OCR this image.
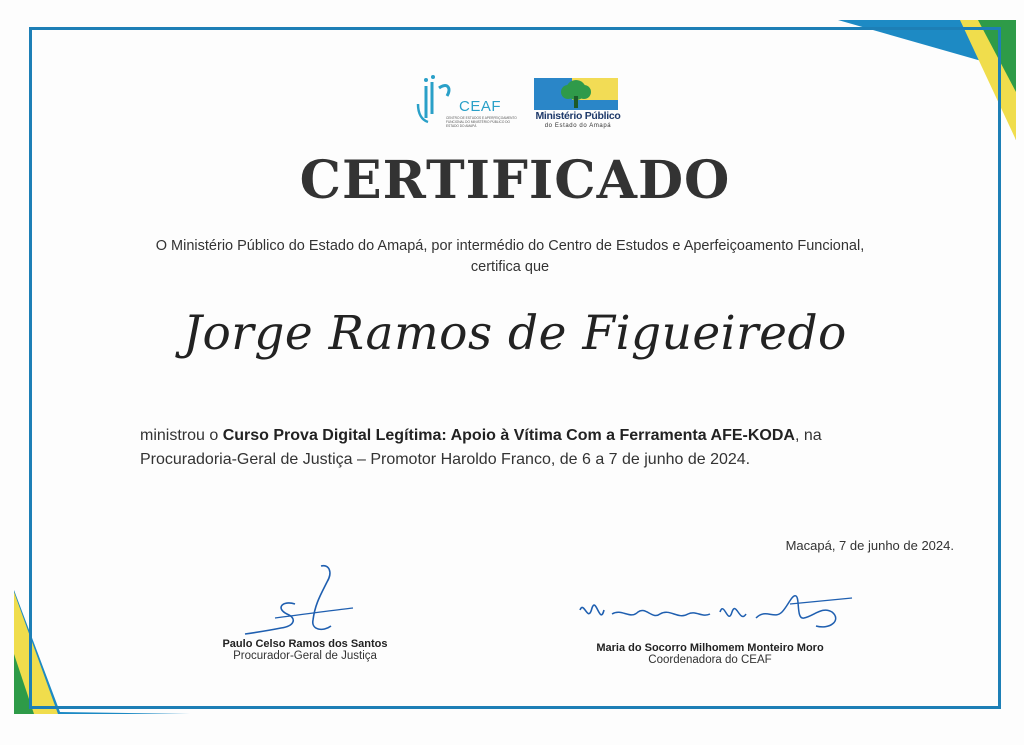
CEAF
CENTRO DE ESTUDOS E APERFEIÇOAMENTO FUNCIONAL DO MINISTÉRIO PÚBLICO DO ESTADO DO AMAPÁ
Ministério Público
do Estado do Amapá
CERTIFICADO
O Ministério Público do Estado do Amapá, por intermédio do Centro de Estudos e Aperfeiçoamento Funcional, certifica que
Jorge Ramos de Figueiredo
ministrou o Curso Prova Digital Legítima: Apoio à Vítima Com a Ferramenta AFE-KODA, na Procuradoria-Geral de Justiça – Promotor Haroldo Franco, de 6 a 7 de junho de 2024.
Macapá, 7 de junho de 2024.
Paulo Celso Ramos dos Santos
Procurador-Geral de Justiça
Maria do Socorro Milhomem Monteiro Moro
Coordenadora do CEAF
